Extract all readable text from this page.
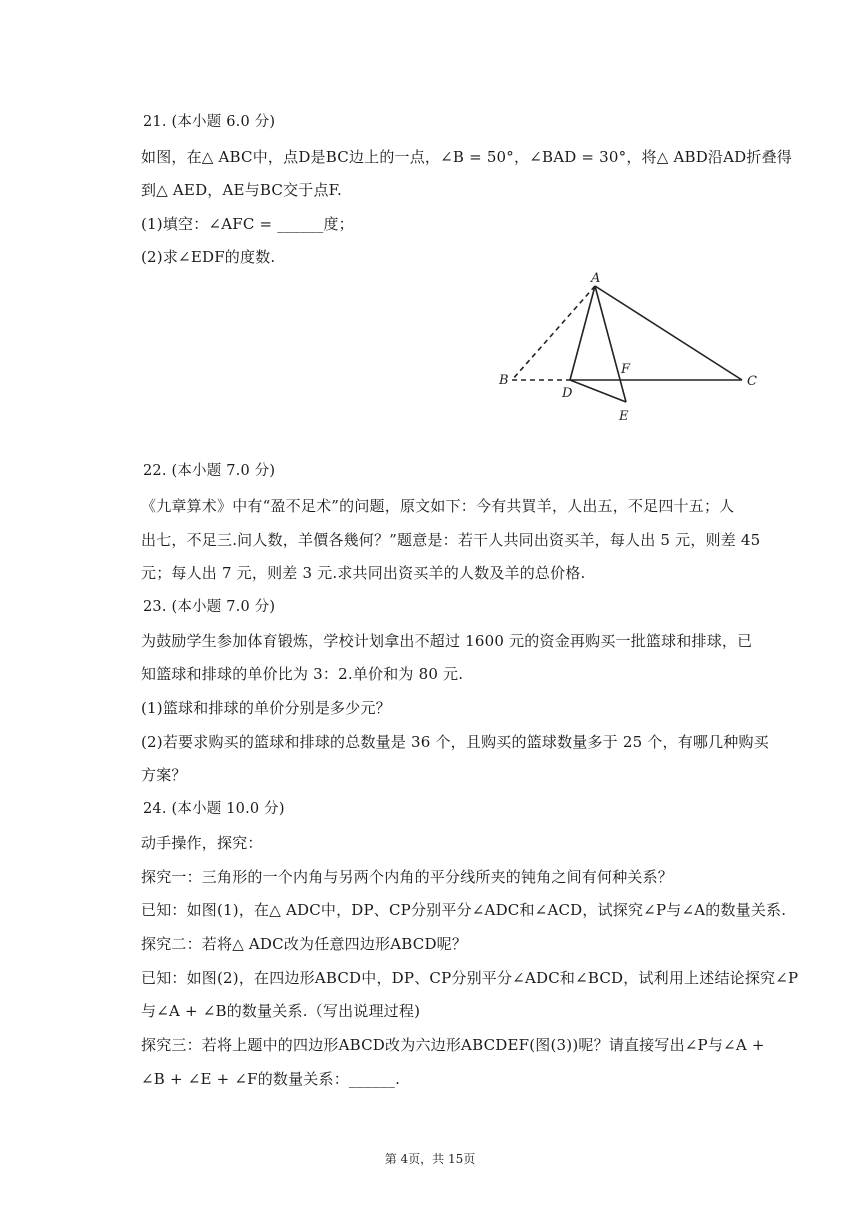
21. (本小题 6.0 分)
如图，在△ ABC中，点D是BC边上的一点，∠B = 50°，∠BAD = 30°，将△ ABD沿AD折叠得
到△ AED，AE与BC交于点F.
(1)填空：∠AFC = ______度；
(2)求∠EDF的度数.
A
B	C
D
E
F
22. (本小题 7.0 分)
《九章算术》中有“盈不足术”的问题，原文如下：今有共買羊，人出五，不足四十五；人
出七，不足三.问人数，羊價各幾何？”题意是：若干人共同出资买羊，每人出 5 元，则差 45
元；每人出 7 元，则差 3 元.求共同出资买羊的人数及羊的总价格.
23. (本小题 7.0 分)
为鼓励学生参加体育锻炼，学校计划拿出不超过 1600 元的资金再购买一批篮球和排球，已
知篮球和排球的单价比为 3：2.单价和为 80 元.
(1)篮球和排球的单价分别是多少元？
(2)若要求购买的篮球和排球的总数量是 36 个，且购买的篮球数量多于 25 个，有哪几种购买
方案？
24. (本小题 10.0 分)
动手操作，探究：
探究一：三角形的一个内角与另两个内角的平分线所夹的钝角之间有何种关系？
已知：如图(1)，在△ ADC中，DP、CP分别平分∠ADC和∠ACD，试探究∠P与∠A的数量关系.
探究二：若将△ ADC改为任意四边形ABCD呢？
已知：如图(2)，在四边形ABCD中，DP、CP分别平分∠ADC和∠BCD，试利用上述结论探究∠P
与∠A + ∠B的数量关系.（写出说理过程)
探究三：若将上题中的四边形ABCD改为六边形ABCDEF(图(3))呢？请直接写出∠P与∠A +
∠B + ∠E + ∠F的数量关系：______.
第 4页，共 15页
